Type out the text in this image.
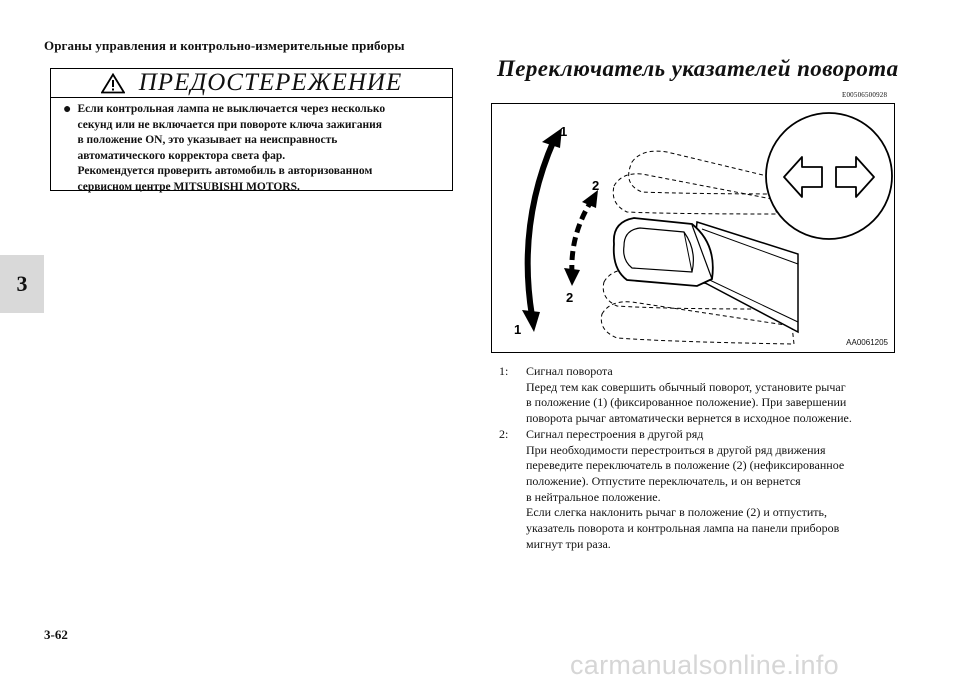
Органы управления и контрольно-измерительные приборы
3
ПРЕДОСТЕРЕЖЕНИЕ
● Если контрольная лампа не выключается через несколько
секунд или не включается при повороте ключа зажигания
в положение ON, это указывает на неисправность
автоматического корректора света фар.
Рекомендуется проверить автомобиль в авторизованном
сервисном центре MITSUBISHI MOTORS.
Переключатель указателей поворота
E00506500928
1
2
2
1
AA0061205
1:	Сигнал поворота
Перед тем как совершить обычный поворот, установите рычаг
в положение (1) (фиксированное положение). При завершении
поворота рычаг автоматически вернется в исходное положение.
2:	Сигнал перестроения в другой ряд
При необходимости перестроиться в другой ряд движения
переведите переключатель в положение (2) (нефиксированное
положение). Отпустите переключатель, и он вернется
в нейтральное положение.
Если слегка наклонить рычаг в положение (2) и отпустить,
указатель поворота и контрольная лампа на панели приборов
мигнут три раза.
3-62
carmanualsonline.info
